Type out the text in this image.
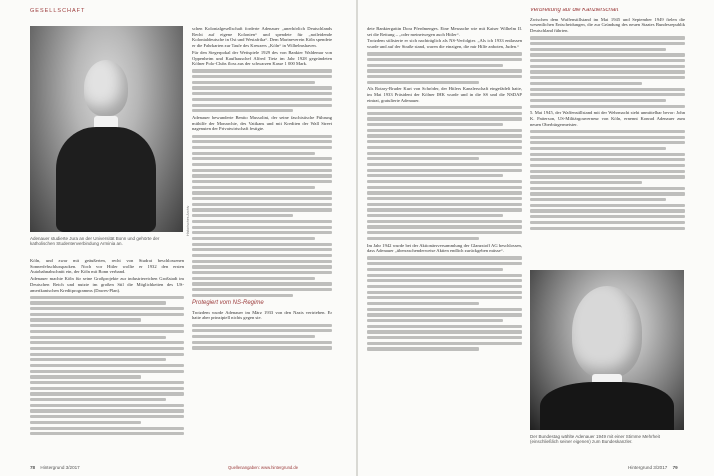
GESELLSCHAFT
Historisches Archiv
Adenauer studierte Jura an der Universität Bonn und gehörte der katholischen Studentenverbindung Arminia an.

Köln, und zwar mit geäußerten, recht von Studrat beschlossenen Sonnerfehschlusspacken. Noch vor Hitler wollte er 1932 den ersten Autobahnabschnitt ein, der Köln mit Bonn verband.

Adenauer machte Köln für seine Großprojekte zur industriereichen Großstadt im Deutschen Reich und nutzte im großen Stil die Möglichkeiten des US-amerikanischen Kreditprogramms (Dawes-Plan).

schen Kolonialgesellschaft forderte Adenauer „unerhörlich Deutschlands Recht auf eigene Kolonien“ und spendete für „notleidende Kolonialdeutsche in Ost und Westafrika“. Dem Marineverein Köln spendete er die Fahrkarten zur Taufe des Kreuzers „Köln“ in Wilhelmshaven.

Für den Siegerpokal der Wettspiele 1929 des von Bankier Waldemar von Oppenheim und Kaufhauschef Alfred Tietz im Jahr 1928 gegründeten Kölner Polo-Clubs floss aus der schwarzen Kasse 1 000 Mark.

Adenauer bewunderte Benito Mussolini, der seine faschistische Führung mithilfe der Monarchie, des Vatikans und mit Krediten der Wall Street nagenuten der Privatwirtschaft festigte.

Protegiert vom NS-Regime

Trotzdem wurde Adenauer im März 1933 von den Nazis vertrieben. Er hatte aber prinzipiell nichts gegen sie.

78 Hintergrund 3/2017	Quellenangaben: www.hintergrund.de

dete Bankiergattin Dora Pferdmenges. Eine Mesnache wie mit Kaiser Wilhelm II. sei die Rettung – „oder meinetwegen auch Hitler“.

Trotzdem stilisierte er sich nachträglich als NS-Verfolgter. „Als ich 1933 entlassen wurde und auf der Straße stand, waren die einzigen, die mir Hilfe anboten, Juden.“

Als Rotary-Bruder Kurt von Schröder, der Hitlers Kanzlerschaft eingefädelt hatte, im Mai 1933 Präsident der Kölner IHK wurde und in die SS und die NSDAP eintrat, gratulierte Adenauer.

Im Jahr 1942 wurde bei der Aktionärsversammlung der Glanzstoff AG beschlossen, dass Adenauer „überraschenderweise Aktien endlich zurückgeben müsse“.

Verbreitung auf die Kanzlerschaft

Zwischen dem Waffenstillstand im Mai 1945 und September 1949 fielen die wesentlichen Entscheidungen, die zur Gründung des neuen Staates Bundesrepublik Deutschland führten.

5. Mai 1945, der Waffenstillstand mit der Wehrmacht steht unmittelbar bevor: John K. Patterson, US-Militärgouverneur von Köln, ernennt Konrad Adenauer zum neuen Oberbürgermeister.

Der Bundestag wählte Adenauer 1949 mit einer Stimme Mehrheit (einschließlich seiner eigenen) zum Bundeskanzler.
Hintergrund 3/2017 79
